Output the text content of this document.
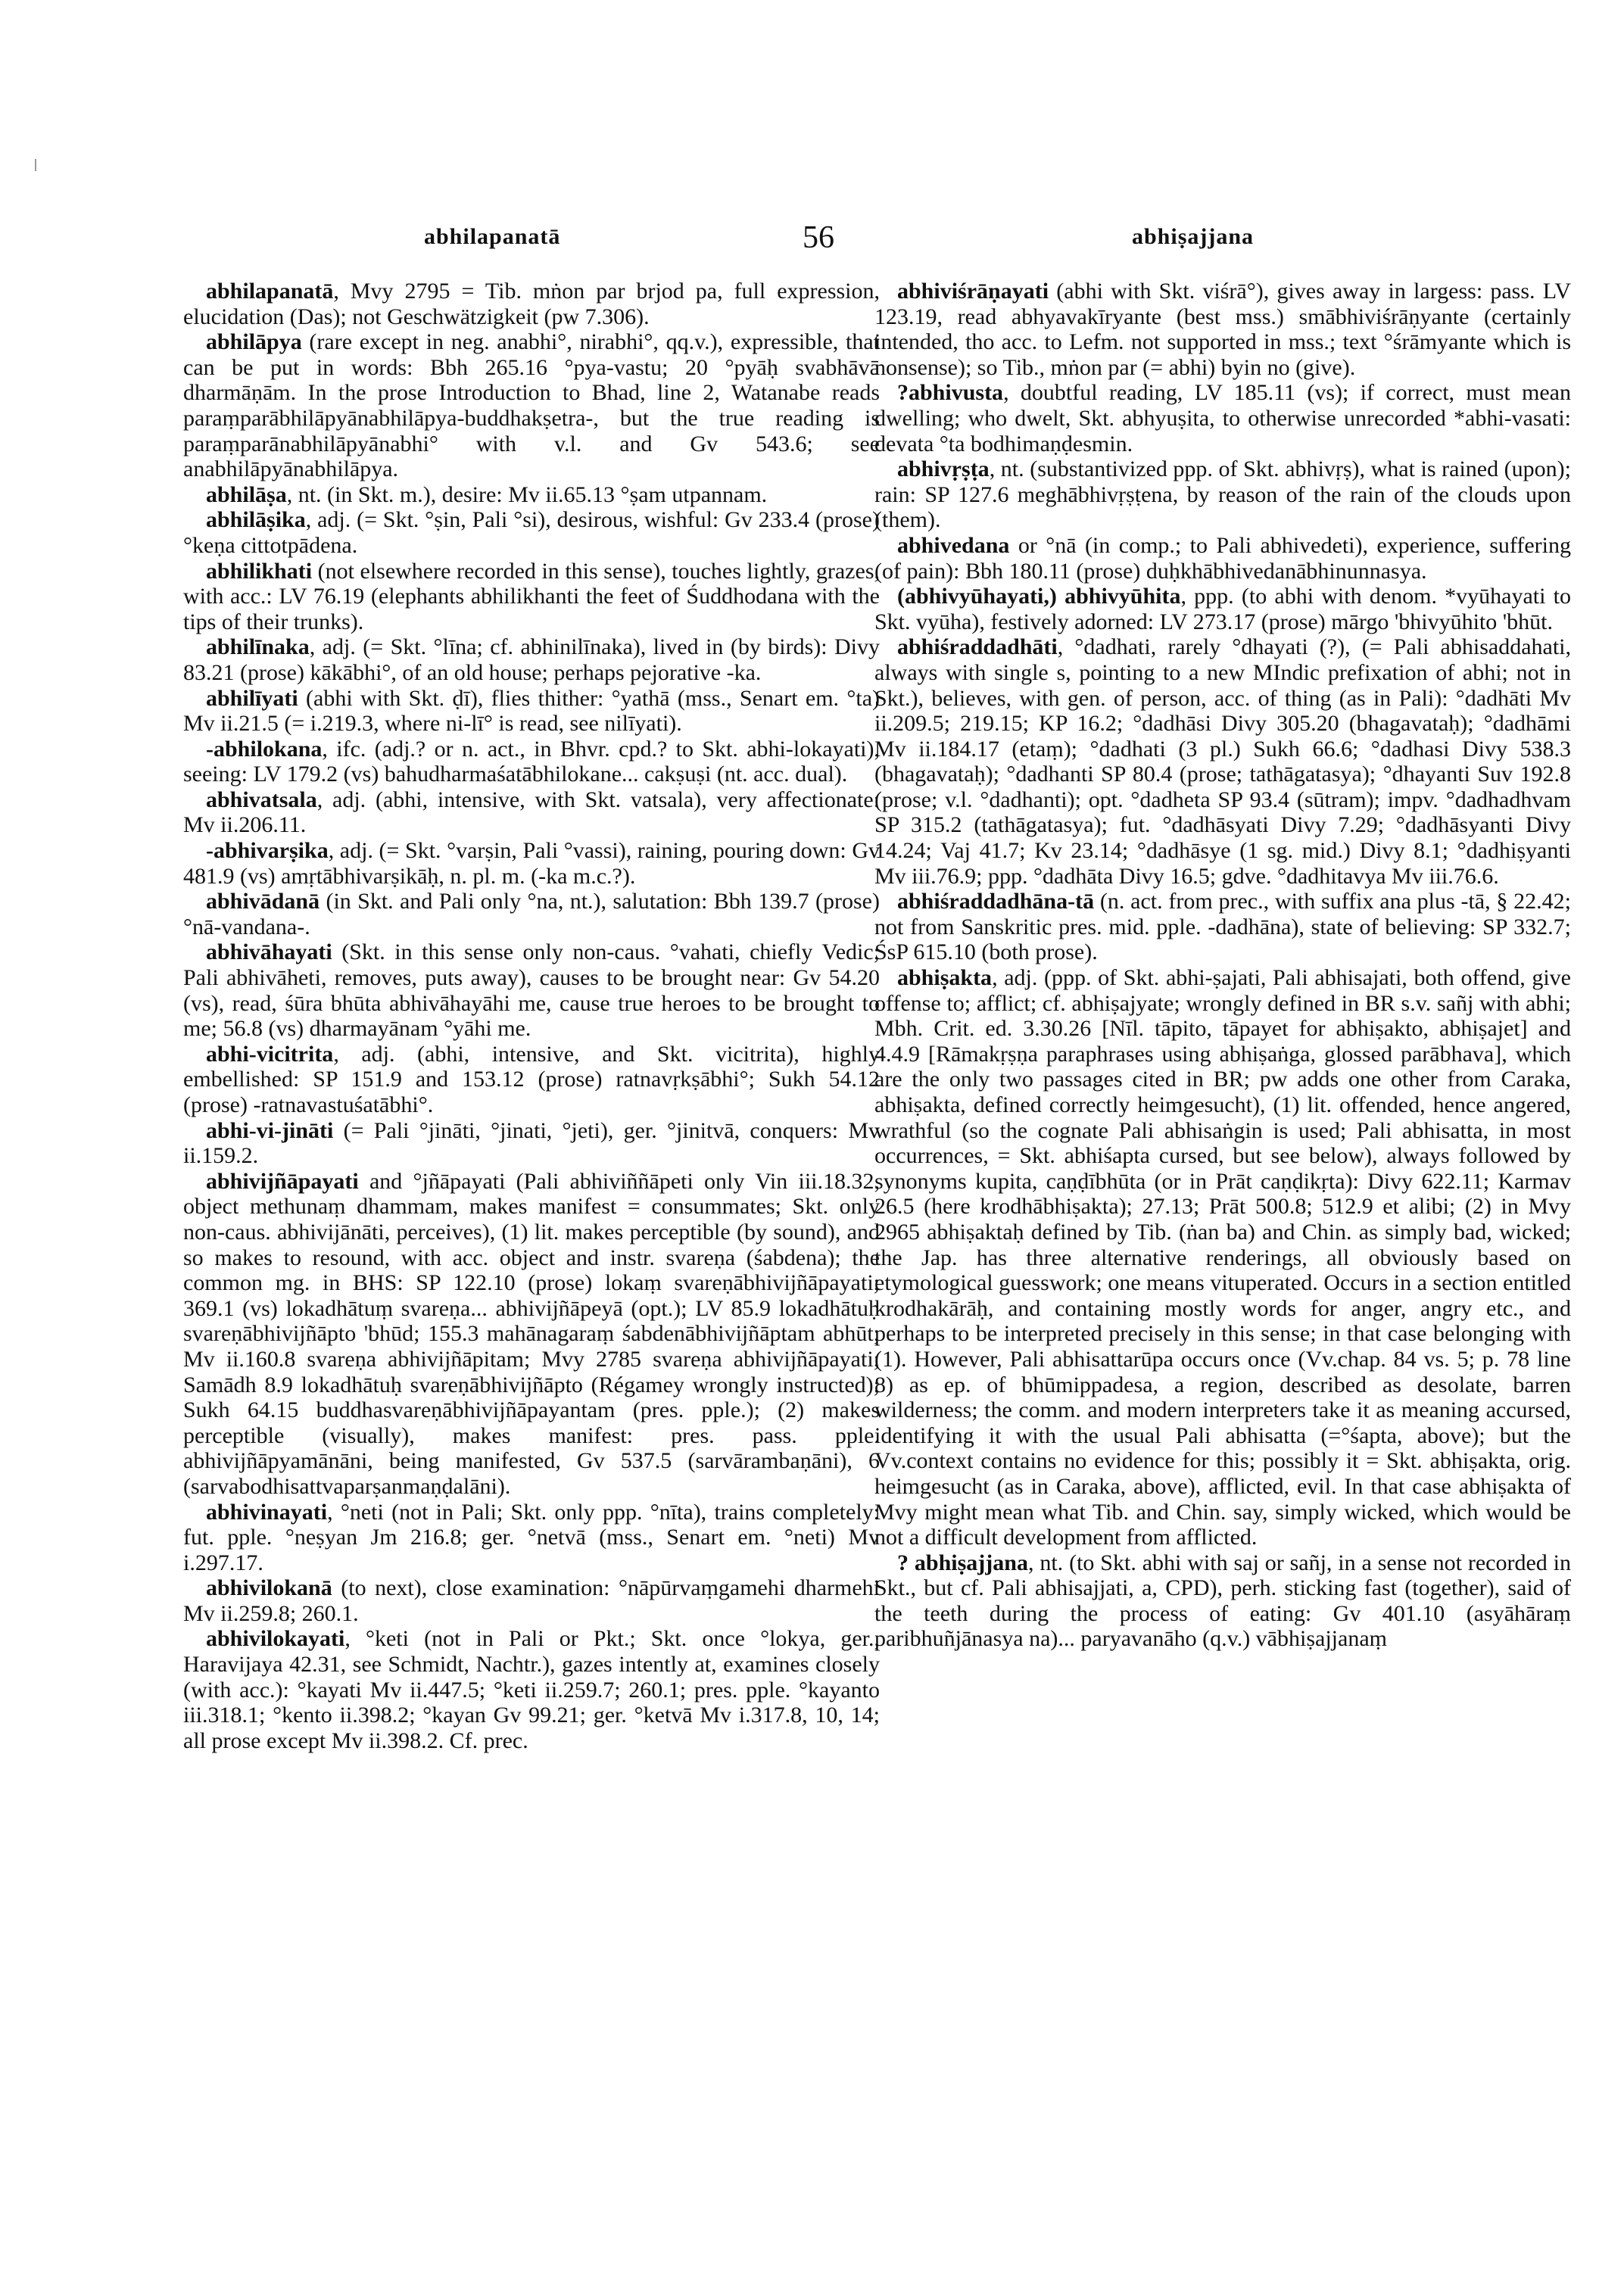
abhilapanatā	56	abhiṣajjana

abhilapanatā, Mvy 2795 = Tib. mṅon par brjod pa, full expression, elucidation (Das); not Geschwätzigkeit (pw 7.306).

abhilāpya (rare except in neg. anabhi°, nirabhi°, qq.v.), expressible, that can be put in words: Bbh 265.16 °pya-vastu; 20 °pyāḥ svabhāvā dharmāṇām. In the prose Introduction to Bhad, line 2, Watanabe reads paraṃparābhilāpyānabhilāpya-buddhakṣetra-, but the true reading is paraṃparānabhilāpyānabhi° with v.l. and Gv 543.6; see anabhilāpyānabhilāpya.

abhilāṣa, nt. (in Skt. m.), desire: Mv ii.65.13 °ṣam utpannam.

abhilāṣika, adj. (= Skt. °ṣin, Pali °si), desirous, wishful: Gv 233.4 (prose) °keṇa cittotpādena.

abhilikhati (not elsewhere recorded in this sense), touches lightly, grazes, with acc.: LV 76.19 (elephants abhilikhanti the feet of Śuddhodana with the tips of their trunks).

abhilīnaka, adj. (= Skt. °līna; cf. abhinilīnaka), lived in (by birds): Divy 83.21 (prose) kākābhi°, of an old house; perhaps pejorative -ka.

abhilīyati (abhi with Skt. ḍī), flies thither: °yathā (mss., Senart em. °ta) Mv ii.21.5 (= i.219.3, where ni-lī° is read, see nilīyati).

-abhilokana, ifc. (adj.? or n. act., in Bhvr. cpd.? to Skt. abhi-lokayati), seeing: LV 179.2 (vs) bahudharmaśatābhilokane... cakṣuṣi (nt. acc. dual).

abhivatsala, adj. (abhi, intensive, with Skt. vatsala), very affectionate: Mv ii.206.11.

-abhivarṣika, adj. (= Skt. °varṣin, Pali °vassi), raining, pouring down: Gv 481.9 (vs) amṛtābhivarṣikāḥ, n. pl. m. (-ka m.c.?).

abhivādanā (in Skt. and Pali only °na, nt.), salutation: Bbh 139.7 (prose) °nā-vandana-.

abhivāhayati (Skt. in this sense only non-caus. °vahati, chiefly Vedic; Pali abhivāheti, removes, puts away), causes to be brought near: Gv 54.20 (vs), read, śūra bhūta abhivāhayāhi me, cause true heroes to be brought to me; 56.8 (vs) dharmayānam °yāhi me.

abhi-vicitrita, adj. (abhi, intensive, and Skt. vicitrita), highly embellished: SP 151.9 and 153.12 (prose) ratnavṛkṣābhi°; Sukh 54.12 (prose) -ratnavastuśatābhi°.

abhi-vi-jināti (= Pali °jināti, °jinati, °jeti), ger. °jinitvā, conquers: Mv ii.159.2.

abhivijñāpayati and °jñāpayati (Pali abhiviññāpeti only Vin iii.18.32, object methunaṃ dhammam, makes manifest = consummates; Skt. only non-caus. abhivijānāti, perceives), (1) lit. makes perceptible (by sound), and so makes to resound, with acc. object and instr. svareṇa (śabdena); the common mg. in BHS: SP 122.10 (prose) lokaṃ svareṇābhivijñāpayati; 369.1 (vs) lokadhātuṃ svareṇa... abhivijñāpeyā (opt.); LV 85.9 lokadhātuḥ svareṇābhivijñāpto 'bhūd; 155.3 mahānagaraṃ śabdenābhivijñāptam abhūt; Mv ii.160.8 svareṇa abhivijñāpitam; Mvy 2785 svareṇa abhivijñāpayati; Samādh 8.9 lokadhātuḥ svareṇābhivijñāpto (Régamey wrongly instructed); Sukh 64.15 buddhasvareṇābhivijñāpayantam (pres. pple.); (2) makes perceptible (visually), makes manifest: pres. pass. pple. abhivijñāpyamānāni, being manifested, Gv 537.5 (sarvārambaṇāni), 6 (sarvabodhisattvaparṣanmaṇḍalāni).

abhivinayati, °neti (not in Pali; Skt. only ppp. °nīta), trains completely: fut. pple. °neṣyan Jm 216.8; ger. °netvā (mss., Senart em. °neti) Mv i.297.17.

abhivilokanā (to next), close examination: °nāpūrvaṃgamehi dharmehi Mv ii.259.8; 260.1.

abhivilokayati, °keti (not in Pali or Pkt.; Skt. once °lokya, ger., Haravijaya 42.31, see Schmidt, Nachtr.), gazes intently at, examines closely (with acc.): °kayati Mv ii.447.5; °keti ii.259.7; 260.1; pres. pple. °kayanto iii.318.1; °kento ii.398.2; °kayan Gv 99.21; ger. °ketvā Mv i.317.8, 10, 14; all prose except Mv ii.398.2. Cf. prec.

abhiviśrāṇayati (abhi with Skt. viśrā°), gives away in largess: pass. LV 123.19, read abhyavakīryante (best mss.) smābhiviśrāṇyante (certainly intended, tho acc. to Lefm. not supported in mss.; text °śrāmyante which is nonsense); so Tib., mṅon par (= abhi) byin no (give).

?abhivusta, doubtful reading, LV 185.11 (vs); if correct, must mean dwelling; who dwelt, Skt. abhyuṣita, to otherwise unrecorded *abhi-vasati: devata °ta bodhimaṇḍesmin.

abhivṛṣṭa, nt. (substantivized ppp. of Skt. abhivṛṣ), what is rained (upon); rain: SP 127.6 meghābhivṛṣṭena, by reason of the rain of the clouds upon (them).

abhivedana or °nā (in comp.; to Pali abhivedeti), experience, suffering (of pain): Bbh 180.11 (prose) duḥkhābhivedanābhinunnasya.

(abhivyūhayati,) abhivyūhita, ppp. (to abhi with denom. *vyūhayati to Skt. vyūha), festively adorned: LV 273.17 (prose) mārgo 'bhivyūhito 'bhūt.

abhiśraddadhāti, °dadhati, rarely °dhayati (?), (= Pali abhisaddahati, always with single s, pointing to a new MIndic prefixation of abhi; not in Skt.), believes, with gen. of person, acc. of thing (as in Pali): °dadhāti Mv ii.209.5; 219.15; KP 16.2; °dadhāsi Divy 305.20 (bhagavataḥ); °dadhāmi Mv ii.184.17 (etaṃ); °dadhati (3 pl.) Sukh 66.6; °dadhasi Divy 538.3 (bhagavataḥ); °dadhanti SP 80.4 (prose; tathāgatasya); °dhayanti Suv 192.8 (prose; v.l. °dadhanti); opt. °dadheta SP 93.4 (sūtram); impv. °dadhadhvam SP 315.2 (tathāgatasya); fut. °dadhāsyati Divy 7.29; °dadhāsyanti Divy 14.24; Vaj 41.7; Kv 23.14; °dadhāsye (1 sg. mid.) Divy 8.1; °dadhiṣyanti Mv iii.76.9; ppp. °dadhāta Divy 16.5; gdve. °dadhitavya Mv iii.76.6.

abhiśraddadhāna-tā (n. act. from prec., with suffix ana plus -tā, § 22.42; not from Sanskritic pres. mid. pple. -dadhāna), state of believing: SP 332.7; ŚsP 615.10 (both prose).

abhiṣakta, adj. (ppp. of Skt. abhi-ṣajati, Pali abhisajati, both offend, give offense to; afflict; cf. abhiṣajyate; wrongly defined in BR s.v. sañj with abhi; Mbh. Crit. ed. 3.30.26 [Nīl. tāpito, tāpayet for abhiṣakto, abhiṣajet] and 4.4.9 [Rāmakṛṣṇa paraphrases using abhiṣaṅga, glossed parābhava], which are the only two passages cited in BR; pw adds one other from Caraka, abhiṣakta, defined correctly heimgesucht), (1) lit. offended, hence angered, wrathful (so the cognate Pali abhisaṅgin is used; Pali abhisatta, in most occurrences, = Skt. abhiśapta cursed, but see below), always followed by synonyms kupita, caṇḍībhūta (or in Prāt caṇḍikṛta): Divy 622.11; Karmav 26.5 (here krodhābhiṣakta); 27.13; Prāt 500.8; 512.9 et alibi; (2) in Mvy 2965 abhiṣaktaḥ defined by Tib. (ṅan ba) and Chin. as simply bad, wicked; the Jap. has three alternative renderings, all obviously based on etymological guesswork; one means vituperated. Occurs in a section entitled krodhakārāḥ, and containing mostly words for anger, angry etc., and perhaps to be interpreted precisely in this sense; in that case belonging with (1). However, Pali abhisattarūpa occurs once (Vv.chap. 84 vs. 5; p. 78 line 8) as ep. of bhūmippadesa, a region, described as desolate, barren wilderness; the comm. and modern interpreters take it as meaning accursed, identifying it with the usual Pali abhisatta (=°śapta, above); but the Vv.context contains no evidence for this; possibly it = Skt. abhiṣakta, orig. heimgesucht (as in Caraka, above), afflicted, evil. In that case abhiṣakta of Mvy might mean what Tib. and Chin. say, simply wicked, which would be not a difficult development from afflicted.

? abhiṣajjana, nt. (to Skt. abhi with saj or sañj, in a sense not recorded in Skt., but cf. Pali abhisajjati, a, CPD), perh. sticking fast (together), said of the teeth during the process of eating: Gv 401.10 (asyāhāraṃ paribhuñjānasya na)... paryavanāho (q.v.) vābhiṣajjanaṃ
